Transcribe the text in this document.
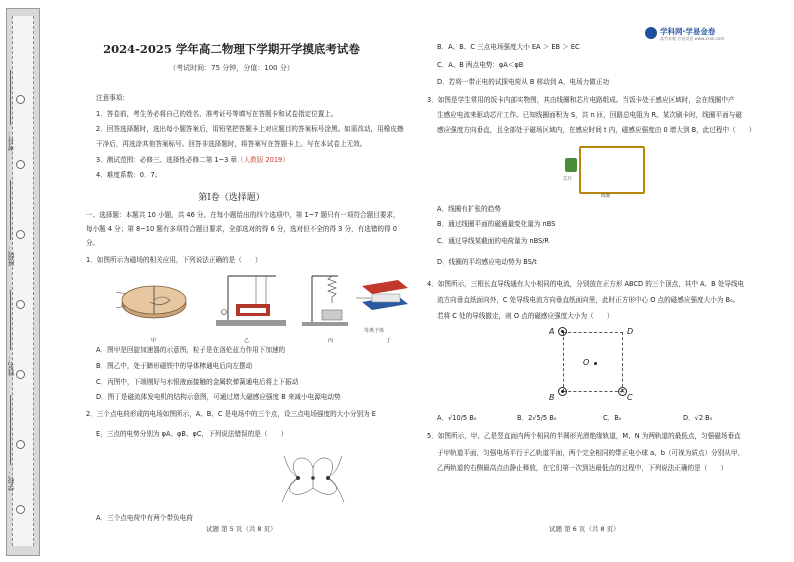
学校：
姓名：
班级：
考号：
2024-2025 学年高二物理下学期开学摸底考试卷
（考试时间：75 分钟，分值：100 分）
注意事项：
1．答卷前，考生务必将自己的姓名、准考证号等填写在答题卡和试卷指定位置上。
2．回答选择题时，选出每小题答案后，用铅笔把答题卡上对应题目的答案标号涂黑。如需改动，用橡皮擦
干净后，再选涂其他答案标号。回答非选择题时，将答案写在答题卡上。写在本试卷上无效。
3．测试范围：必修三、选择性必修二第 1~3 章（人教版 2019）
4．难度系数：0．7。
第Ⅰ卷（选择题）
一、选择题：本题共 10 小题，共 46 分。在每小题给出的四个选项中，第 1~7 题只有一项符合题目要求，
每小题 4 分；第 8~10 题有多项符合题目要求，全部选对的得 6 分，选对但不全的得 3 分，有选错的得 0
分。
1．如图所示为磁场的相关应用，下列说法正确的是（　　）
甲	乙	丙	丁
等离子体
A．图甲是回旋加速器的示意图，粒子是在洛伦兹力作用下加速的
B．图乙中，处于蹄形磁铁中的导体棒通电后向左摆动
C．丙图中，下端刚好与水银液面接触的金属软弹簧通电后将上下振动
D．图丁是磁流体发电机的结构示意图，可通过增大磁感应强度 B 来减小电源电动势
2．三个点电荷形成的电场如图所示，A、B、C 是电场中的三个点，设三点电场强度的大小分别为 E
E，三点的电势分别为 φA、φB、φC，下列说法错误的是（　　）
A．三个点电荷中有两个带负电荷
试题 第 5 页（共 8 页）
学科网·学易金卷
高考真题 名校试卷 www.zxxk.com
B．A、B、C 三点电场强度大小 EA ＞ EB ＞ EC
C．A、B 两点电势：φA＜φB
D．若将一带正电的试探电荷从 B 移动到 A，电场力做正功
3．如图是学生常用的饭卡内部实物图，其由线圈和芯片电路组成。当饭卡处于感应区域时，会在线圈中产
生感应电流来驱动芯片工作。已知线圈面积为 S，共 n 匝，回路总电阻为 R。某次刷卡时，线圈平面与磁
感应强度方向垂直，且全部处于磁场区域内，在感应时间 t 内，磁感应强度由 0 增大到 B，此过程中（　　）
芯片
线圈
A．线圈有扩张的趋势
B．通过线圈平面的磁通量变化量为 nBS
C．通过导线某截面的电荷量为 nBS/R
D．线圈的平均感应电动势为 BS/t
4．如图所示，三根长直导线通有大小相同的电流，分别放在正方形 ABCD 的三个顶点，其中 A、B 处导线电
流方向垂直纸面向外，C 处导线电流方向垂直纸面向里，此时正方形中心 O 点的磁感应强度大小为 B₀。
若将 C 处的导线撤走，则 O 点的磁感应强度大小为（　　）
×
A	D
B	C
O
A．√10/5 B₀	B．2√5/5 B₀	C．B₀	D．√2 B₀
5．如图所示，甲、乙是竖直面内两个相同的半圆形光滑绝缘轨道，M、N 为两轨道的最低点，匀强磁场垂直
于甲轨道平面，匀强电场平行于乙轨道平面，两个完全相同的带正电小球 a、b（可视为质点）分别从甲、
乙两轨道的右侧最高点由静止释放，在它们第一次到达最低点的过程中，下列说法正确的是（　　）
试题 第 6 页（共 8 页）
